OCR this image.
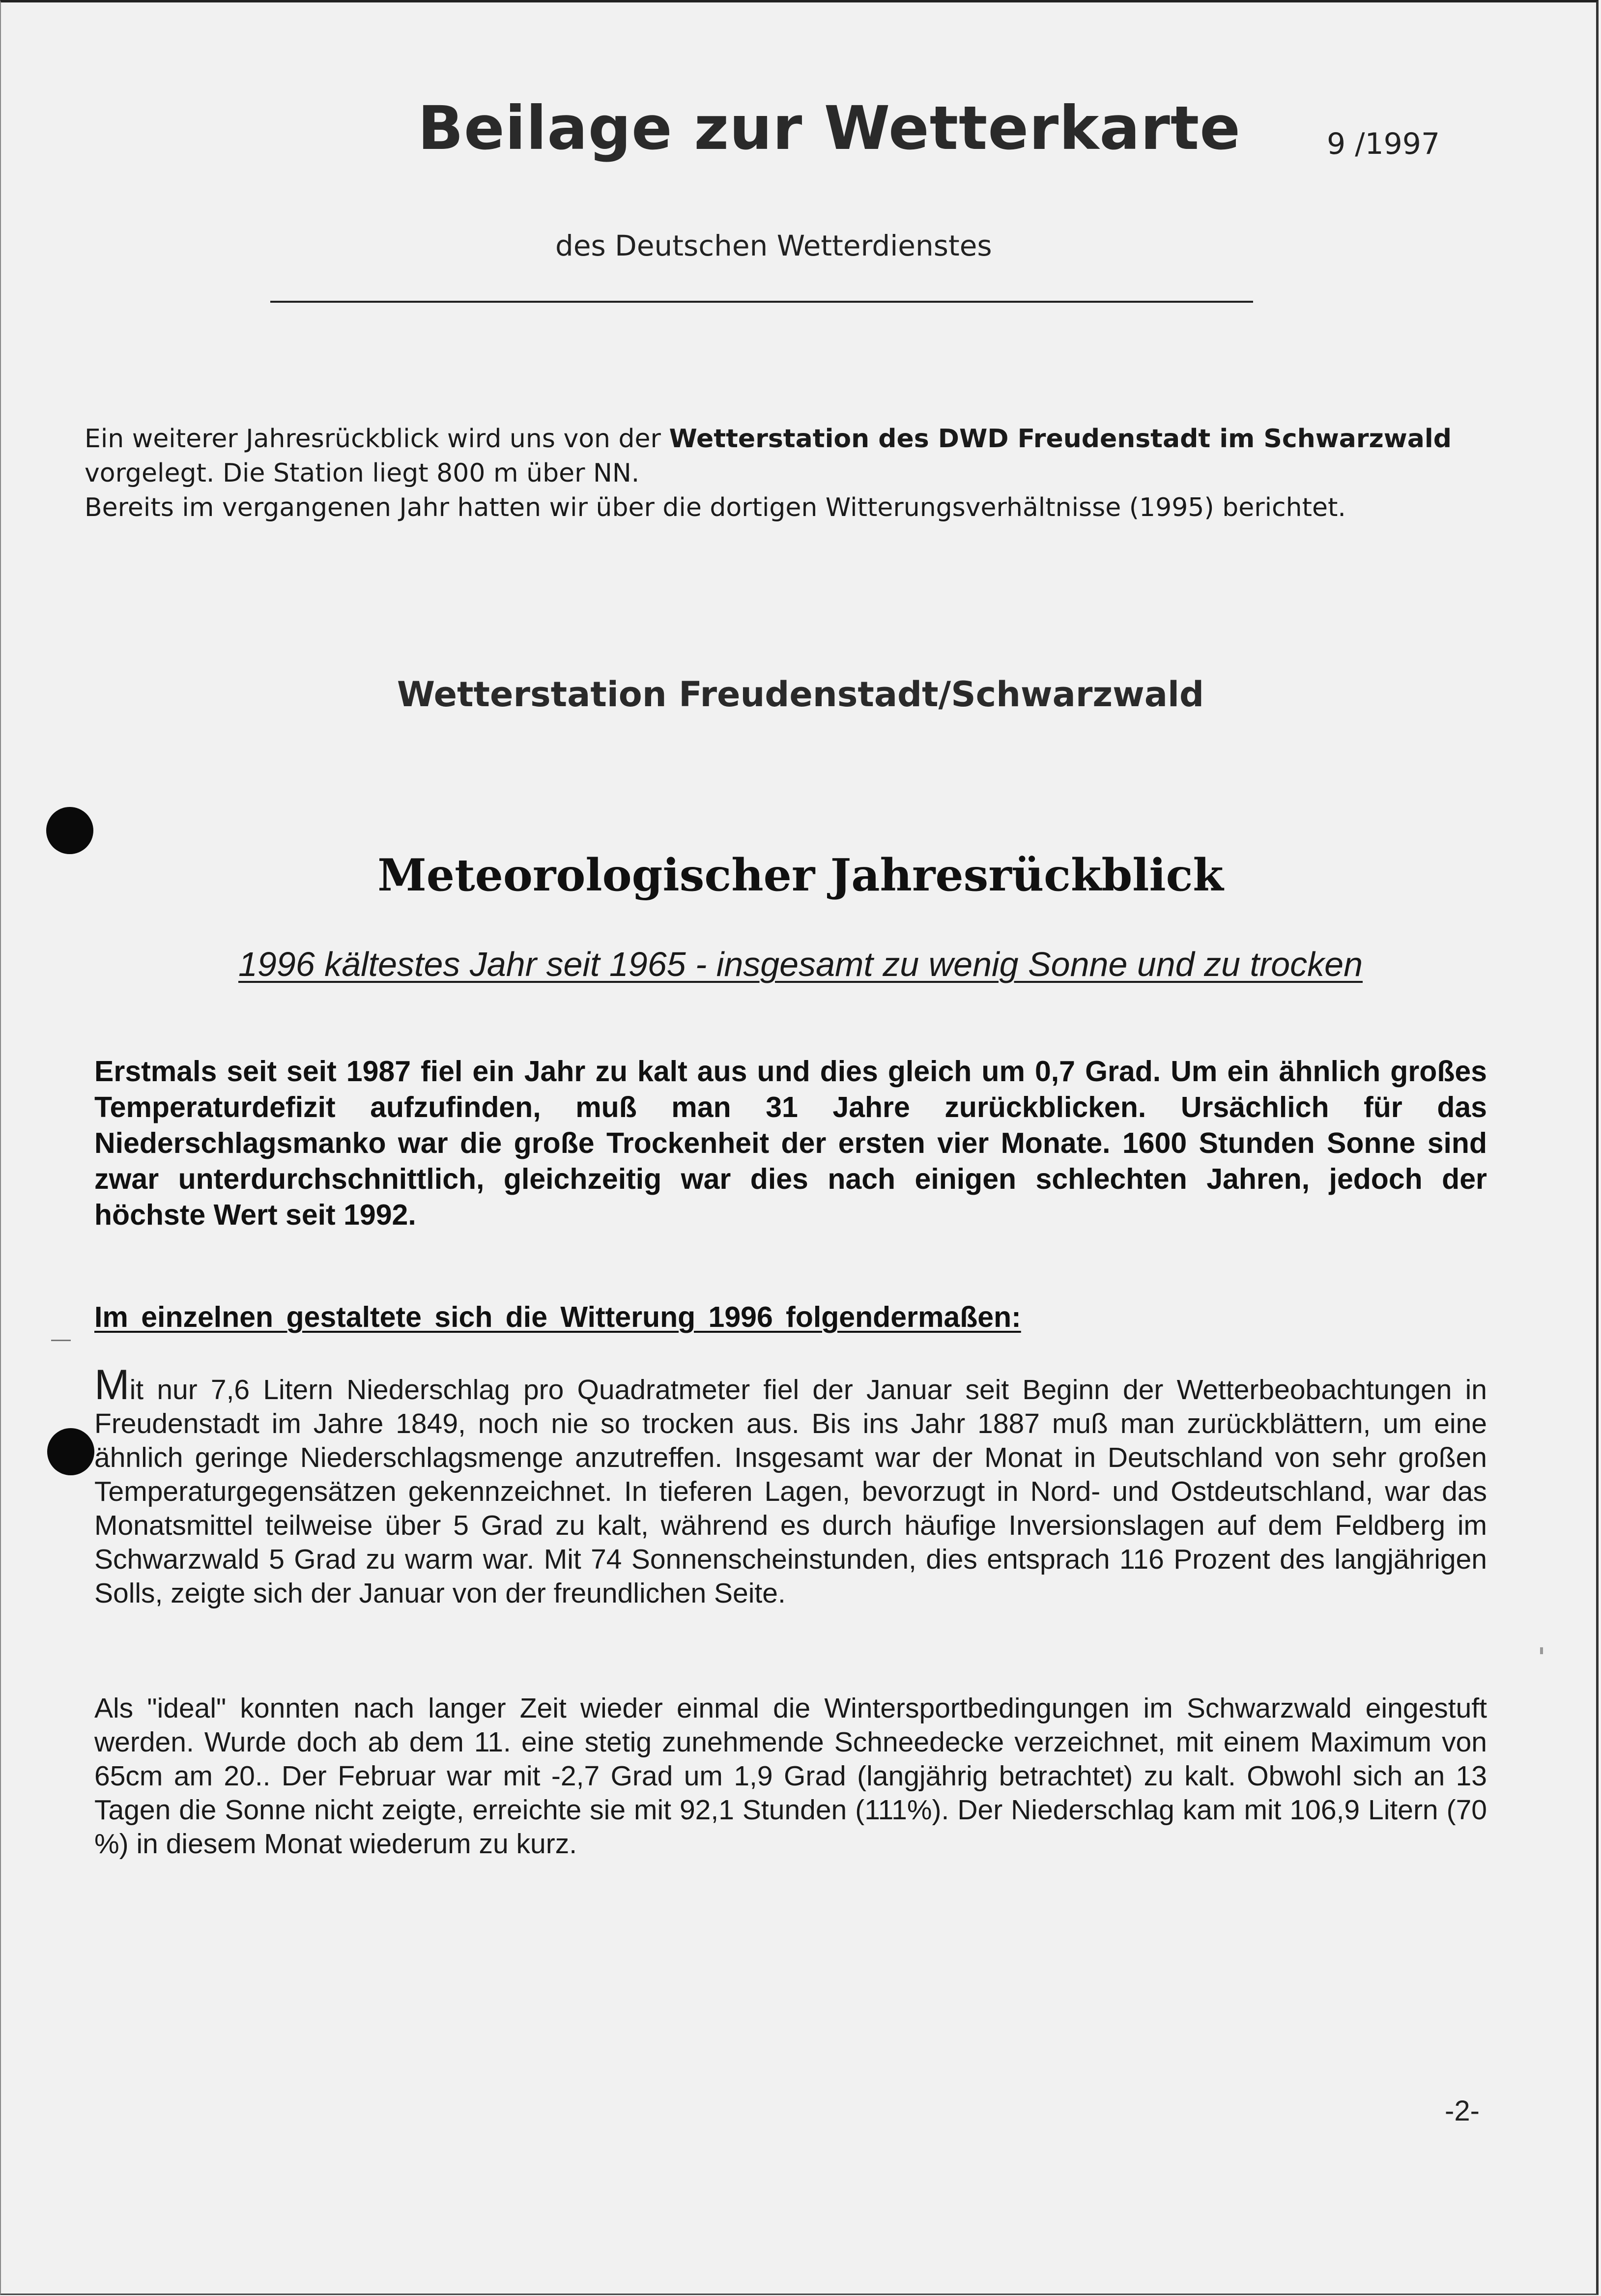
Beilage zur Wetterkarte	9 /1997
des Deutschen Wetterdienstes
Ein weiterer Jahresrückblick wird uns von der Wetterstation des DWD Freudenstadt im Schwarzwald
vorgelegt. Die Station liegt 800 m über NN.
Bereits im vergangenen Jahr hatten wir über die dortigen Witterungsverhältnisse (1995) berichtet.
Wetterstation Freudenstadt/Schwarzwald
Meteorologischer Jahresrückblick
1996 kältestes Jahr seit 1965 - insgesamt zu wenig Sonne und zu trocken
Erstmals seit seit 1987 fiel ein Jahr zu kalt aus und dies gleich um 0,7 Grad. Um ein ähnlich großes Temperaturdefizit aufzufinden, muß man 31 Jahre zurückblicken. Ursächlich für das Niederschlagsmanko war die große Trockenheit der ersten vier Monate. 1600 Stunden Sonne sind zwar unterdurchschnittlich, gleichzeitig war dies nach einigen schlechten Jahren, jedoch der höchste Wert seit 1992.
Im einzelnen gestaltete sich die Witterung 1996 folgendermaßen:
Mit nur 7,6 Litern Niederschlag pro Quadratmeter fiel der Januar seit Beginn der Wetterbeobachtungen in Freudenstadt im Jahre 1849, noch nie so trocken aus. Bis ins Jahr 1887 muß man zurückblättern, um eine ähnlich geringe Niederschlagsmenge anzutreffen. Insgesamt war der Monat in Deutschland von sehr großen Temperaturgegensätzen gekennzeichnet. In tieferen Lagen, bevorzugt in Nord- und Ostdeutschland, war das Monatsmittel teilweise über 5 Grad zu kalt, während es durch häufige Inversionslagen auf dem Feldberg im Schwarzwald 5 Grad zu warm war. Mit 74 Sonnenscheinstunden, dies entsprach 116 Prozent des langjährigen Solls, zeigte sich der Januar von der freundlichen Seite.
Als "ideal" konnten nach langer Zeit wieder einmal die Wintersportbedingungen im Schwarzwald eingestuft werden. Wurde doch ab dem 11. eine stetig zunehmende Schneedecke verzeichnet, mit einem Maximum von 65cm am 20.. Der Februar war mit -2,7 Grad um 1,9 Grad (langjährig betrachtet) zu kalt. Obwohl sich an 13 Tagen die Sonne nicht zeigte, erreichte sie mit 92,1 Stunden (111%). Der Niederschlag kam mit 106,9 Litern (70 %) in diesem Monat wiederum zu kurz.
-2-
